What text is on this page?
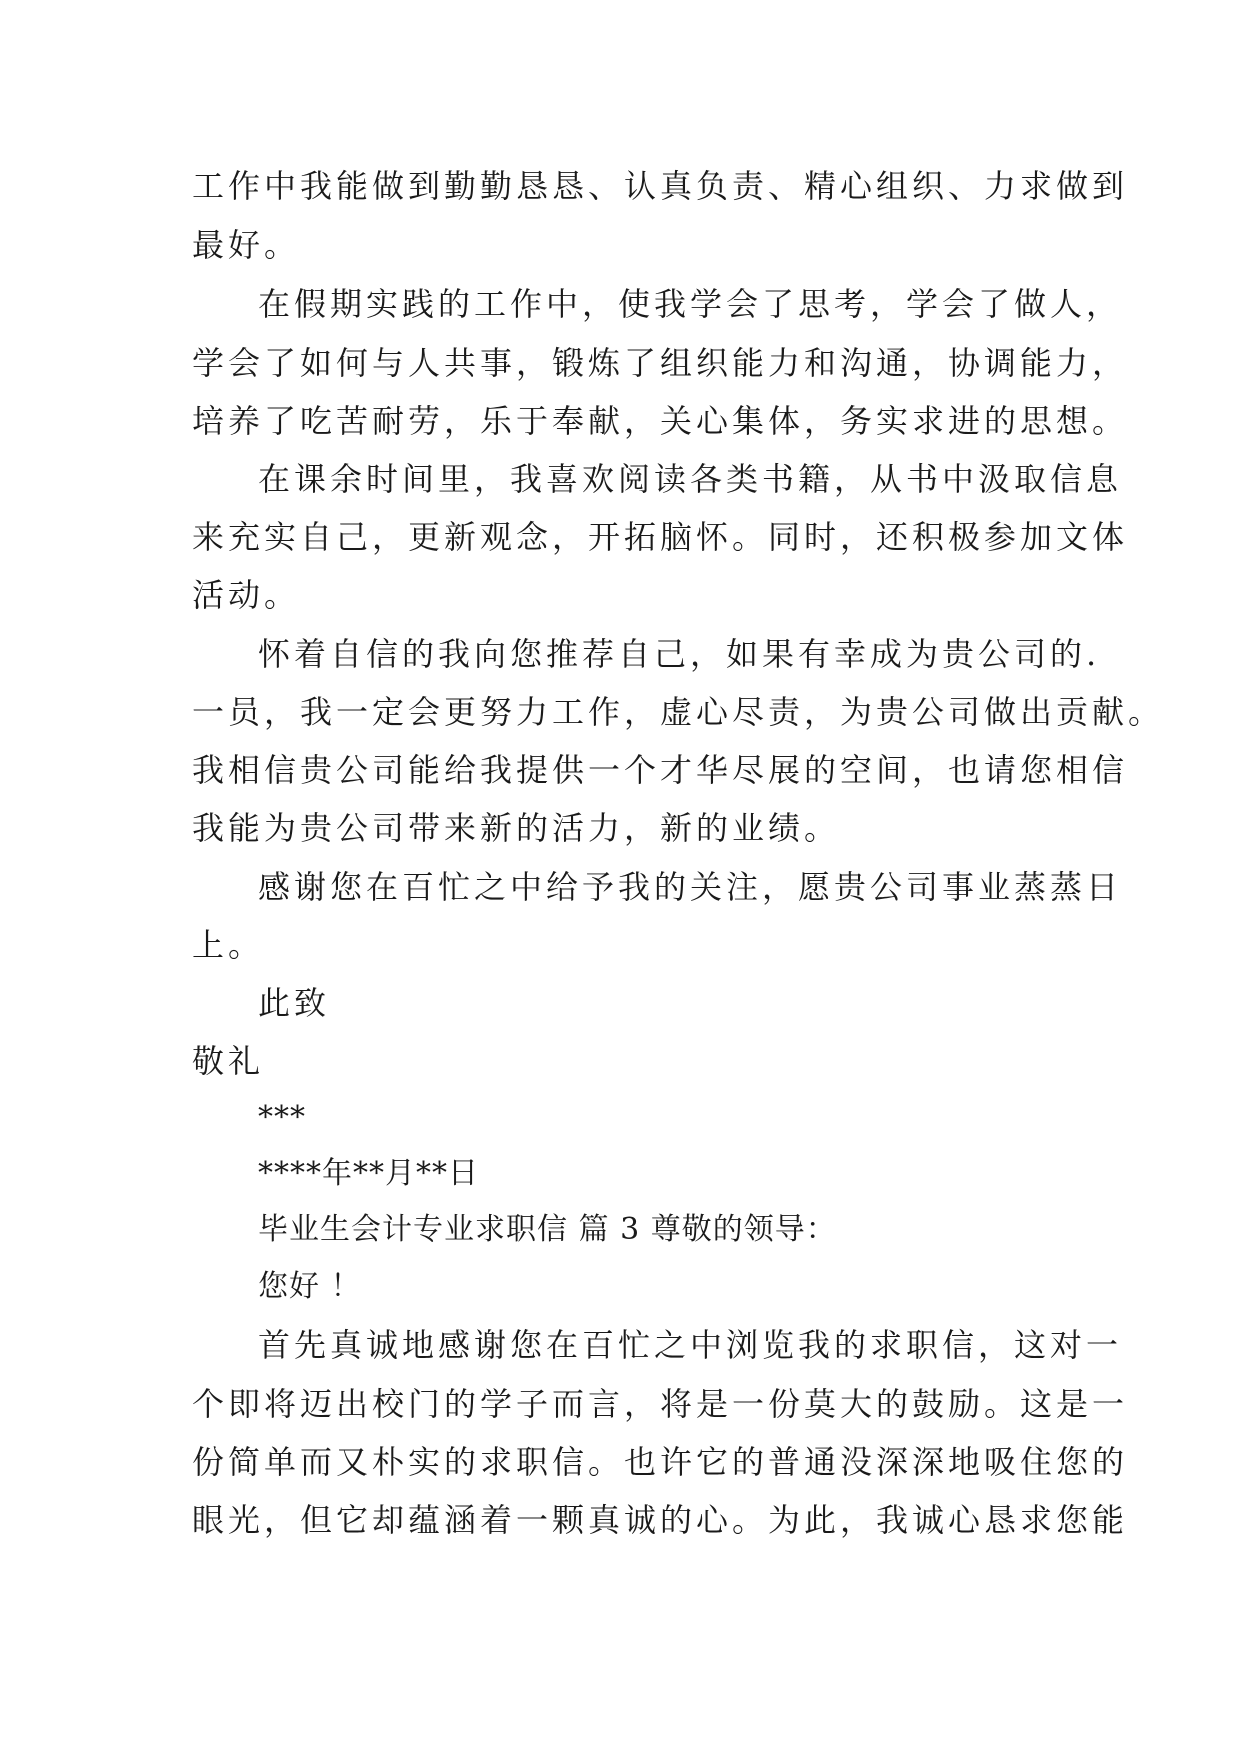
工作中我能做到勤勤恳恳、认真负责、精心组织、力求做到
最好。
在假期实践的工作中，使我学会了思考，学会了做人，
学会了如何与人共事，锻炼了组织能力和沟通，协调能力，
培养了吃苦耐劳，乐于奉献，关心集体，务实求进的思想。
在课余时间里，我喜欢阅读各类书籍，从书中汲取信息
来充实自己，更新观念，开拓脑怀。同时，还积极参加文体
活动。
怀着自信的我向您推荐自己，如果有幸成为贵公司的.
一员，我一定会更努力工作，虚心尽责，为贵公司做出贡献。
我相信贵公司能给我提供一个才华尽展的空间，也请您相信
我能为贵公司带来新的活力，新的业绩。
感谢您在百忙之中给予我的关注，愿贵公司事业蒸蒸日
上。
此致
敬礼
***
****年**月**日
毕业生会计专业求职信 篇 3 尊敬的领导：
您好 ！
首先真诚地感谢您在百忙之中浏览我的求职信，这对一
个即将迈出校门的学子而言，将是一份莫大的鼓励。这是一
份简单而又朴实的求职信。也许它的普通没深深地吸住您的
眼光，但它却蕴涵着一颗真诚的心。为此，我诚心恳求您能
